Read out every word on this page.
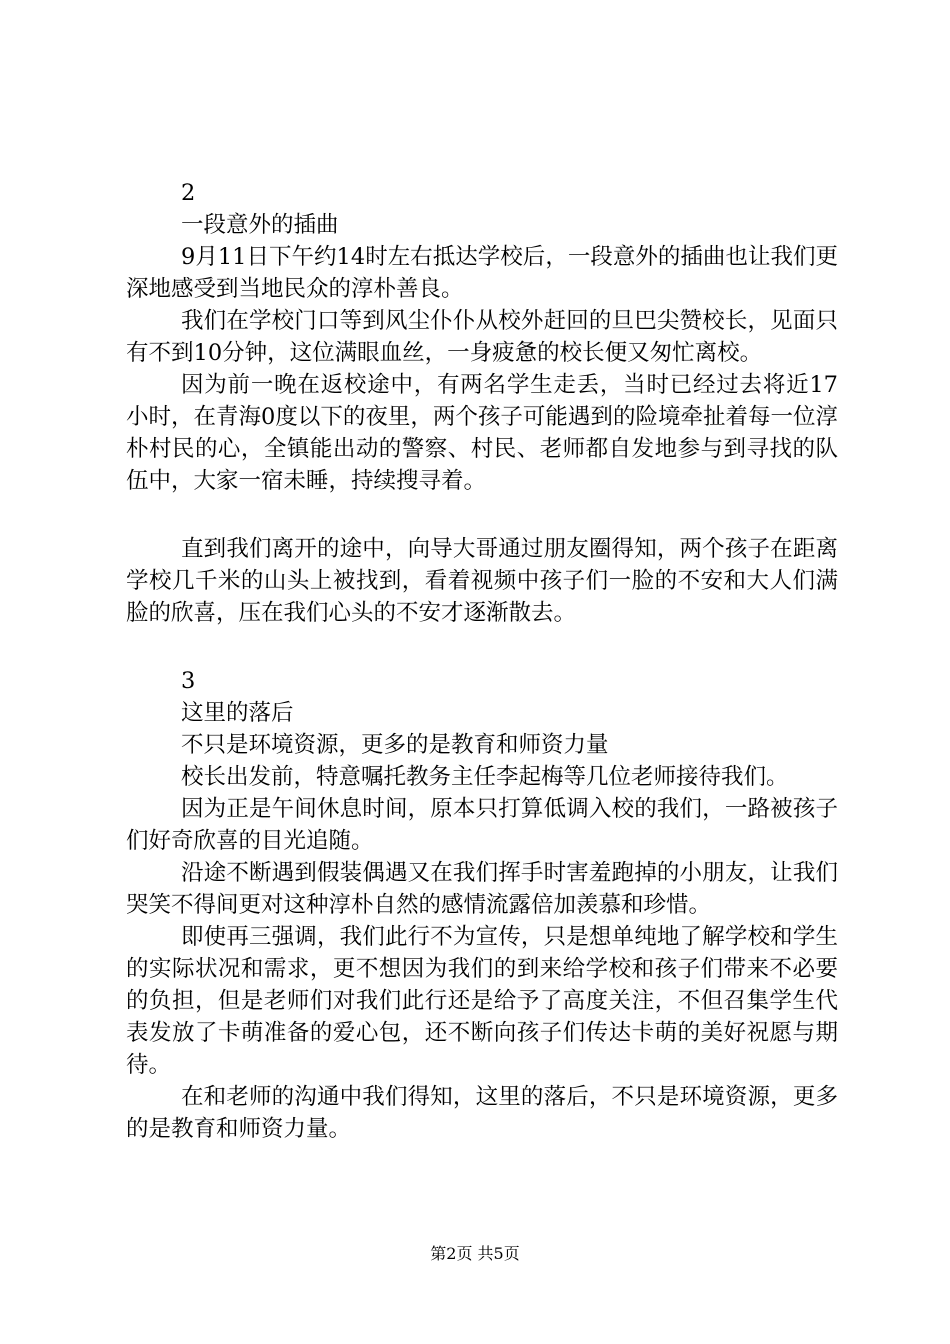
2
一段意外的插曲

9月11日下午约14时左右抵达学校后，一段意外的插曲也让我们更深地感受到当地民众的淳朴善良。

我们在学校门口等到风尘仆仆从校外赶回的旦巴尖赞校长，见面只有不到10分钟，这位满眼血丝，一身疲惫的校长便又匆忙离校。

因为前一晚在返校途中，有两名学生走丢，当时已经过去将近17小时，在青海0度以下的夜里，两个孩子可能遇到的险境牵扯着每一位淳朴村民的心，全镇能出动的警察、村民、老师都自发地参与到寻找的队伍中，大家一宿未睡，持续搜寻着。

直到我们离开的途中，向导大哥通过朋友圈得知，两个孩子在距离学校几千米的山头上被找到，看着视频中孩子们一脸的不安和大人们满脸的欣喜，压在我们心头的不安才逐渐散去。

3
这里的落后
不只是环境资源，更多的是教育和师资力量

校长出发前，特意嘱托教务主任李起梅等几位老师接待我们。

因为正是午间休息时间，原本只打算低调入校的我们，一路被孩子们好奇欣喜的目光追随。

沿途不断遇到假装偶遇又在我们挥手时害羞跑掉的小朋友，让我们哭笑不得间更对这种淳朴自然的感情流露倍加羡慕和珍惜。

即使再三强调，我们此行不为宣传，只是想单纯地了解学校和学生的实际状况和需求，更不想因为我们的到来给学校和孩子们带来不必要的负担，但是老师们对我们此行还是给予了高度关注，不但召集学生代表发放了卡萌准备的爱心包，还不断向孩子们传达卡萌的美好祝愿与期待。

在和老师的沟通中我们得知，这里的落后，不只是环境资源，更多的是教育和师资力量。

第2页 共5页
